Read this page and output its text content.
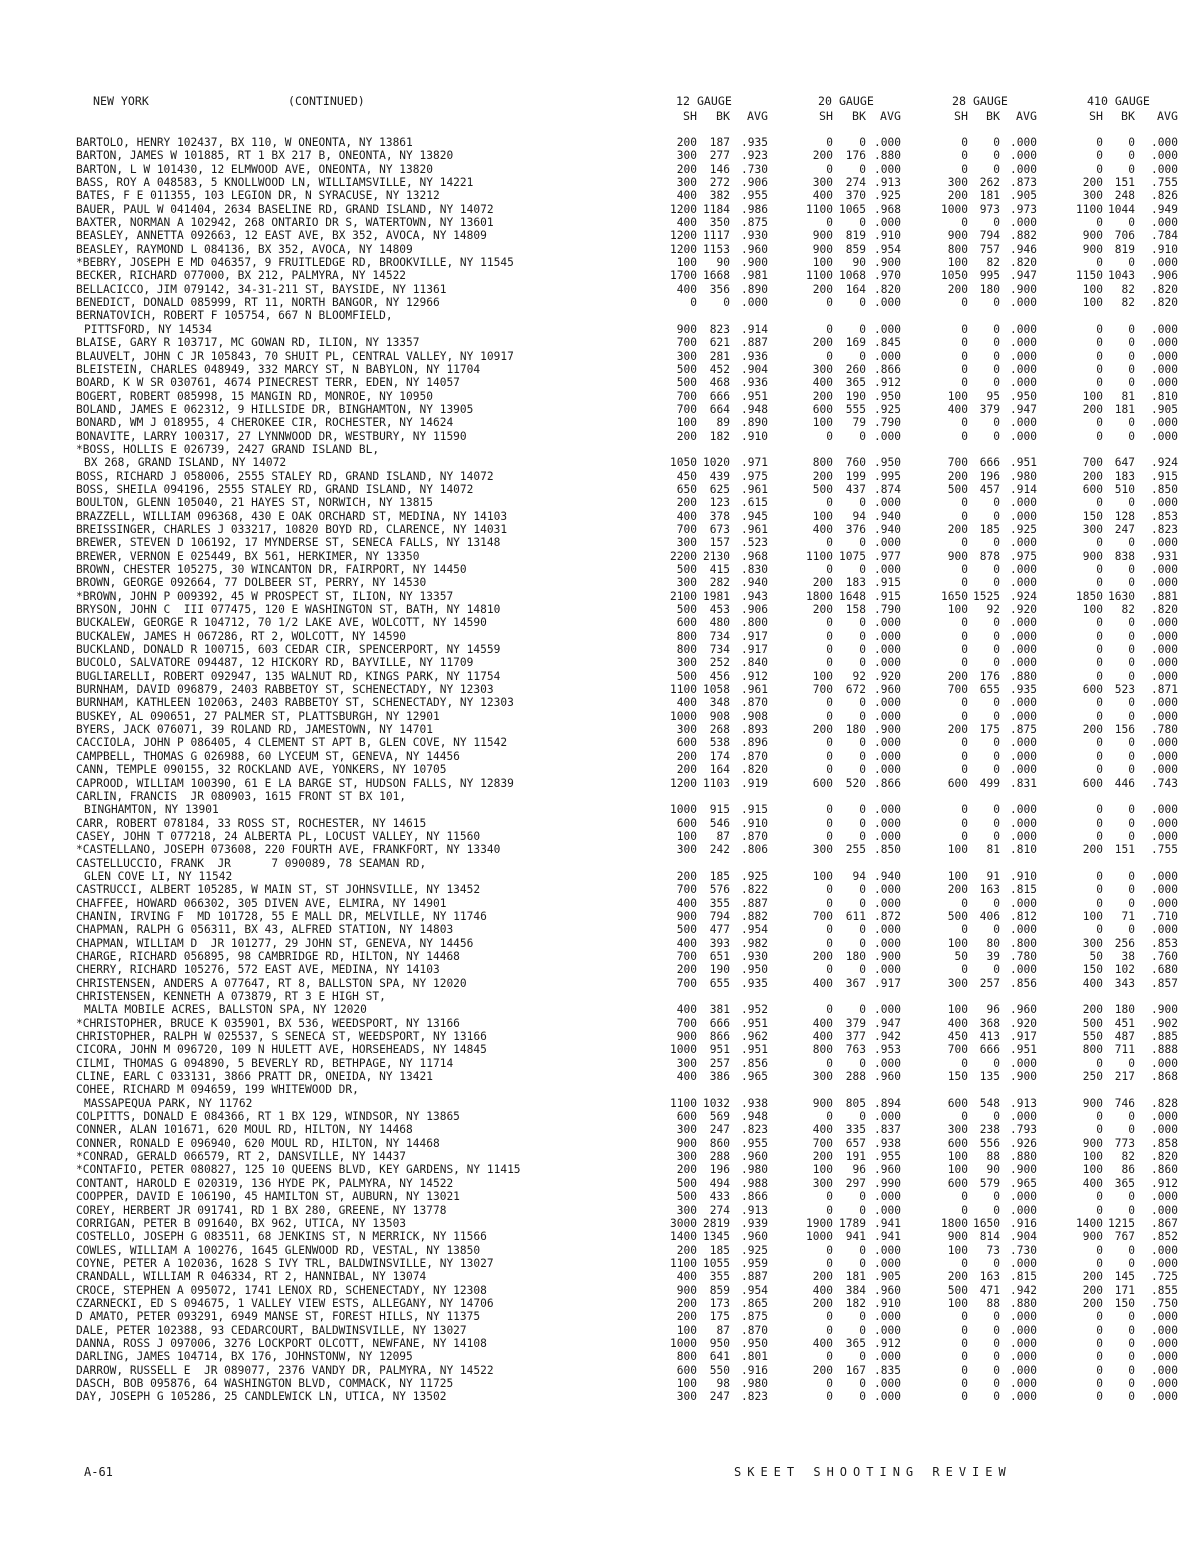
NEW YORK	(CONTINUED)	12 GAUGE	20 GAUGE	28 GAUGE	410 GAUGE
SH	BK	AVG	SH	BK	AVG	SH	BK	AVG	SH	BK	AVG
BARTOLO, HENRY 102437, BX 110, W ONEONTA, NY 13861	200	187 .935	0	0 .000	0	0 .000	0	0	.000
BARTON, JAMES W 101885, RT 1 BX 217 B, ONEONTA, NY 13820	300	277 .923	200	176 .880	0	0 .000	0	0	.000
BARTON, L W 101430, 12 ELMWOOD AVE, ONEONTA, NY 13820	200	146 .730	0	0 .000	0	0 .000	0	0	.000
BASS, ROY A 048583, 5 KNOLLWOOD LN, WILLIAMSVILLE, NY 14221	300	272 .906	300	274 .913	300	262 .873	200	151	.755
BATES, F E 011355, 103 LEGION DR, N SYRACUSE, NY 13212	400	382 .955	400	370 .925	200	181 .905	300	248	.826
BAUER, PAUL W 041404, 2634 BASELINE RD, GRAND ISLAND, NY 14072	1200 1184 .986	1100 1065 .968	1000	973 .973	1100 1044	.949
BAXTER, NORMAN A 102942, 268 ONTARIO DR S, WATERTOWN, NY 13601	400	350 .875	0	0 .000	0	0 .000	0	0	.000
BEASLEY, ANNETTA 092663, 12 EAST AVE, BX 352, AVOCA, NY 14809	1200 1117 .930	900	819 .910	900	794 .882	900	706	.784
BEASLEY, RAYMOND L 084136, BX 352, AVOCA, NY 14809	1200 1153 .960	900	859 .954	800	757 .946	900	819	.910
*BEBRY, JOSEPH E MD 046357, 9 FRUITLEDGE RD, BROOKVILLE, NY 11545	100	90 .900	100	90 .900	100	82 .820	0	0	.000
BECKER, RICHARD 077000, BX 212, PALMYRA, NY 14522	1700 1668 .981	1100 1068 .970	1050	995 .947	1150 1043	.906
BELLACICCO, JIM 079142, 34-31-211 ST, BAYSIDE, NY 11361	400	356 .890	200	164 .820	200	180 .900	100	82	.820
BENEDICT, DONALD 085999, RT 11, NORTH BANGOR, NY 12966	0	0 .000	0	0 .000	0	0 .000	100	82	.820
BERNATOVICH, ROBERT F 105754, 667 N BLOOMFIELD,
PITTSFORD, NY 14534	900	823 .914	0	0 .000	0	0 .000	0	0	.000
BLAISE, GARY R 103717, MC GOWAN RD, ILION, NY 13357	700	621 .887	200	169 .845	0	0 .000	0	0	.000
BLAUVELT, JOHN C JR 105843, 70 SHUIT PL, CENTRAL VALLEY, NY 10917	300	281 .936	0	0 .000	0	0 .000	0	0	.000
BLEISTEIN, CHARLES 048949, 332 MARCY ST, N BABYLON, NY 11704	500	452 .904	300	260 .866	0	0 .000	0	0	.000
BOARD, K W SR 030761, 4674 PINECREST TERR, EDEN, NY 14057	500	468 .936	400	365 .912	0	0 .000	0	0	.000
BOGERT, ROBERT 085998, 15 MANGIN RD, MONROE, NY 10950	700	666 .951	200	190 .950	100	95 .950	100	81	.810
BOLAND, JAMES E 062312, 9 HILLSIDE DR, BINGHAMTON, NY 13905	700	664 .948	600	555 .925	400	379 .947	200	181	.905
BONARD, WM J 018955, 4 CHEROKEE CIR, ROCHESTER, NY 14624	100	89 .890	100	79 .790	0	0 .000	0	0	.000
BONAVITE, LARRY 100317, 27 LYNNWOOD DR, WESTBURY, NY 11590	200	182 .910	0	0 .000	0	0 .000	0	0	.000
*BOSS, HOLLIS E 026739, 2427 GRAND ISLAND BL,
BX 268, GRAND ISLAND, NY 14072	1050 1020 .971	800	760 .950	700	666 .951	700	647	.924
BOSS, RICHARD J 058006, 2555 STALEY RD, GRAND ISLAND, NY 14072	450	439 .975	200	199 .995	200	196 .980	200	183	.915
BOSS, SHEILA 094196, 2555 STALEY RD, GRAND ISLAND, NY 14072	650	625 .961	500	437 .874	500	457 .914	600	510	.850
BOULTON, GLENN 105040, 21 HAYES ST, NORWICH, NY 13815	200	123 .615	0	0 .000	0	0 .000	0	0	.000
BRAZZELL, WILLIAM 096368, 430 E OAK ORCHARD ST, MEDINA, NY 14103	400	378 .945	100	94 .940	0	0 .000	150	128	.853
BREISSINGER, CHARLES J 033217, 10820 BOYD RD, CLARENCE, NY 14031	700	673 .961	400	376 .940	200	185 .925	300	247	.823
BREWER, STEVEN D 106192, 17 MYNDERSE ST, SENECA FALLS, NY 13148	300	157 .523	0	0 .000	0	0 .000	0	0	.000
BREWER, VERNON E 025449, BX 561, HERKIMER, NY 13350	2200 2130 .968	1100 1075 .977	900	878 .975	900	838	.931
BROWN, CHESTER 105275, 30 WINCANTON DR, FAIRPORT, NY 14450	500	415 .830	0	0 .000	0	0 .000	0	0	.000
BROWN, GEORGE 092664, 77 DOLBEER ST, PERRY, NY 14530	300	282 .940	200	183 .915	0	0 .000	0	0	.000
*BROWN, JOHN P 009392, 45 W PROSPECT ST, ILION, NY 13357	2100 1981 .943	1800 1648 .915	1650 1525 .924	1850 1630	.881
BRYSON, JOHN C  III 077475, 120 E WASHINGTON ST, BATH, NY 14810	500	453 .906	200	158 .790	100	92 .920	100	82	.820
BUCKALEW, GEORGE R 104712, 70 1/2 LAKE AVE, WOLCOTT, NY 14590	600	480 .800	0	0 .000	0	0 .000	0	0	.000
BUCKALEW, JAMES H 067286, RT 2, WOLCOTT, NY 14590	800	734 .917	0	0 .000	0	0 .000	0	0	.000
BUCKLAND, DONALD R 100715, 603 CEDAR CIR, SPENCERPORT, NY 14559	800	734 .917	0	0 .000	0	0 .000	0	0	.000
BUCOLO, SALVATORE 094487, 12 HICKORY RD, BAYVILLE, NY 11709	300	252 .840	0	0 .000	0	0 .000	0	0	.000
BUGLIARELLI, ROBERT 092947, 135 WALNUT RD, KINGS PARK, NY 11754	500	456 .912	100	92 .920	200	176 .880	0	0	.000
BURNHAM, DAVID 096879, 2403 RABBETOY ST, SCHENECTADY, NY 12303	1100 1058 .961	700	672 .960	700	655 .935	600	523	.871
BURNHAM, KATHLEEN 102063, 2403 RABBETOY ST, SCHENECTADY, NY 12303	400	348 .870	0	0 .000	0	0 .000	0	0	.000
BUSKEY, AL 090651, 27 PALMER ST, PLATTSBURGH, NY 12901	1000	908 .908	0	0 .000	0	0 .000	0	0	.000
BYERS, JACK 076071, 39 ROLAND RD, JAMESTOWN, NY 14701	300	268 .893	200	180 .900	200	175 .875	200	156	.780
CACCIOLA, JOHN P 086405, 4 CLEMENT ST APT B, GLEN COVE, NY 11542	600	538 .896	0	0 .000	0	0 .000	0	0	.000
CAMPBELL, THOMAS G 026988, 60 LYCEUM ST, GENEVA, NY 14456	200	174 .870	0	0 .000	0	0 .000	0	0	.000
CANN, TEMPLE 090155, 32 ROCKLAND AVE, YONKERS, NY 10705	200	164 .820	0	0 .000	0	0 .000	0	0	.000
CAPROOD, WILLIAM 100390, 61 E LA BARGE ST, HUDSON FALLS, NY 12839	1200 1103 .919	600	520 .866	600	499 .831	600	446	.743
CARLIN, FRANCIS  JR 080903, 1615 FRONT ST BX 101,
BINGHAMTON, NY 13901	1000	915 .915	0	0 .000	0	0 .000	0	0	.000
CARR, ROBERT 078184, 33 ROSS ST, ROCHESTER, NY 14615	600	546 .910	0	0 .000	0	0 .000	0	0	.000
CASEY, JOHN T 077218, 24 ALBERTA PL, LOCUST VALLEY, NY 11560	100	87 .870	0	0 .000	0	0 .000	0	0	.000
*CASTELLANO, JOSEPH 073608, 220 FOURTH AVE, FRANKFORT, NY 13340	300	242 .806	300	255 .850	100	81 .810	200	151	.755
CASTELLUCCIO, FRANK  JR      7 090089, 78 SEAMAN RD,
GLEN COVE LI, NY 11542	200	185 .925	100	94 .940	100	91 .910	0	0	.000
CASTRUCCI, ALBERT 105285, W MAIN ST, ST JOHNSVILLE, NY 13452	700	576 .822	0	0 .000	200	163 .815	0	0	.000
CHAFFEE, HOWARD 066302, 305 DIVEN AVE, ELMIRA, NY 14901	400	355 .887	0	0 .000	0	0 .000	0	0	.000
CHANIN, IRVING F  MD 101728, 55 E MALL DR, MELVILLE, NY 11746	900	794 .882	700	611 .872	500	406 .812	100	71	.710
CHAPMAN, RALPH G 056311, BX 43, ALFRED STATION, NY 14803	500	477 .954	0	0 .000	0	0 .000	0	0	.000
CHAPMAN, WILLIAM D  JR 101277, 29 JOHN ST, GENEVA, NY 14456	400	393 .982	0	0 .000	100	80 .800	300	256	.853
CHARGE, RICHARD 056895, 98 CAMBRIDGE RD, HILTON, NY 14468	700	651 .930	200	180 .900	50	39 .780	50	38	.760
CHERRY, RICHARD 105276, 572 EAST AVE, MEDINA, NY 14103	200	190 .950	0	0 .000	0	0 .000	150	102	.680
CHRISTENSEN, ANDERS A 077647, RT 8, BALLSTON SPA, NY 12020	700	655 .935	400	367 .917	300	257 .856	400	343	.857
CHRISTENSEN, KENNETH A 073879, RT 3 E HIGH ST,
MALTA MOBILE ACRES, BALLSTON SPA, NY 12020	400	381 .952	0	0 .000	100	96 .960	200	180	.900
*CHRISTOPHER, BRUCE K 035901, BX 536, WEEDSPORT, NY 13166	700	666 .951	400	379 .947	400	368 .920	500	451	.902
CHRISTOPHER, RALPH W 025537, S SENECA ST, WEEDSPORT, NY 13166	900	866 .962	400	377 .942	450	413 .917	550	487	.885
CICORA, JOHN M 096720, 109 N HULETT AVE, HORSEHEADS, NY 14845	1000	951 .951	800	763 .953	700	666 .951	800	711	.888
CILMI, THOMAS G 094890, 5 BEVERLY RD, BETHPAGE, NY 11714	300	257 .856	0	0 .000	0	0 .000	0	0	.000
CLINE, EARL C 033131, 3866 PRATT DR, ONEIDA, NY 13421	400	386 .965	300	288 .960	150	135 .900	250	217	.868
COHEE, RICHARD M 094659, 199 WHITEWOOD DR,
MASSAPEQUA PARK, NY 11762	1100 1032 .938	900	805 .894	600	548 .913	900	746	.828
COLPITTS, DONALD E 084366, RT 1 BX 129, WINDSOR, NY 13865	600	569 .948	0	0 .000	0	0 .000	0	0	.000
CONNER, ALAN 101671, 620 MOUL RD, HILTON, NY 14468	300	247 .823	400	335 .837	300	238 .793	0	0	.000
CONNER, RONALD E 096940, 620 MOUL RD, HILTON, NY 14468	900	860 .955	700	657 .938	600	556 .926	900	773	.858
*CONRAD, GERALD 066579, RT 2, DANSVILLE, NY 14437	300	288 .960	200	191 .955	100	88 .880	100	82	.820
*CONTAFIO, PETER 080827, 125 10 QUEENS BLVD, KEY GARDENS, NY 11415	200	196 .980	100	96 .960	100	90 .900	100	86	.860
CONTANT, HAROLD E 020319, 136 HYDE PK, PALMYRA, NY 14522	500	494 .988	300	297 .990	600	579 .965	400	365	.912
COOPPER, DAVID E 106190, 45 HAMILTON ST, AUBURN, NY 13021	500	433 .866	0	0 .000	0	0 .000	0	0	.000
COREY, HERBERT JR 091741, RD 1 BX 280, GREENE, NY 13778	300	274 .913	0	0 .000	0	0 .000	0	0	.000
CORRIGAN, PETER B 091640, BX 962, UTICA, NY 13503	3000 2819 .939	1900 1789 .941	1800 1650 .916	1400 1215	.867
COSTELLO, JOSEPH G 083511, 68 JENKINS ST, N MERRICK, NY 11566	1400 1345 .960	1000	941 .941	900	814 .904	900	767	.852
COWLES, WILLIAM A 100276, 1645 GLENWOOD RD, VESTAL, NY 13850	200	185 .925	0	0 .000	100	73 .730	0	0	.000
COYNE, PETER A 102036, 1628 S IVY TRL, BALDWINSVILLE, NY 13027	1100 1055 .959	0	0 .000	0	0 .000	0	0	.000
CRANDALL, WILLIAM R 046334, RT 2, HANNIBAL, NY 13074	400	355 .887	200	181 .905	200	163 .815	200	145	.725
CROCE, STEPHEN A 095072, 1741 LENOX RD, SCHENECTADY, NY 12308	900	859 .954	400	384 .960	500	471 .942	200	171	.855
CZARNECKI, ED S 094675, 1 VALLEY VIEW ESTS, ALLEGANY, NY 14706	200	173 .865	200	182 .910	100	88 .880	200	150	.750
D AMATO, PETER 093291, 6949 MANSE ST, FOREST HILLS, NY 11375	200	175 .875	0	0 .000	0	0 .000	0	0	.000
DALE, PETER 102388, 93 CEDARCOURT, BALDWINSVILLE, NY 13027	100	87 .870	0	0 .000	0	0 .000	0	0	.000
DANNA, ROSS J 097006, 3276 LOCKPORT OLCOTT, NEWFANE, NY 14108	1000	950 .950	400	365 .912	0	0 .000	0	0	.000
DARLING, JAMES 104714, BX 176, JOHNSTONW, NY 12095	800	641 .801	0	0 .000	0	0 .000	0	0	.000
DARROW, RUSSELL E  JR 089077, 2376 VANDY DR, PALMYRA, NY 14522	600	550 .916	200	167 .835	0	0 .000	0	0	.000
DASCH, BOB 095876, 64 WASHINGTON BLVD, COMMACK, NY 11725	100	98 .980	0	0 .000	0	0 .000	0	0	.000
DAY, JOSEPH G 105286, 25 CANDLEWICK LN, UTICA, NY 13502	300	247 .823	0	0 .000	0	0 .000	0	0	.000
A-61	SKEET SHOOTING REVIEW
